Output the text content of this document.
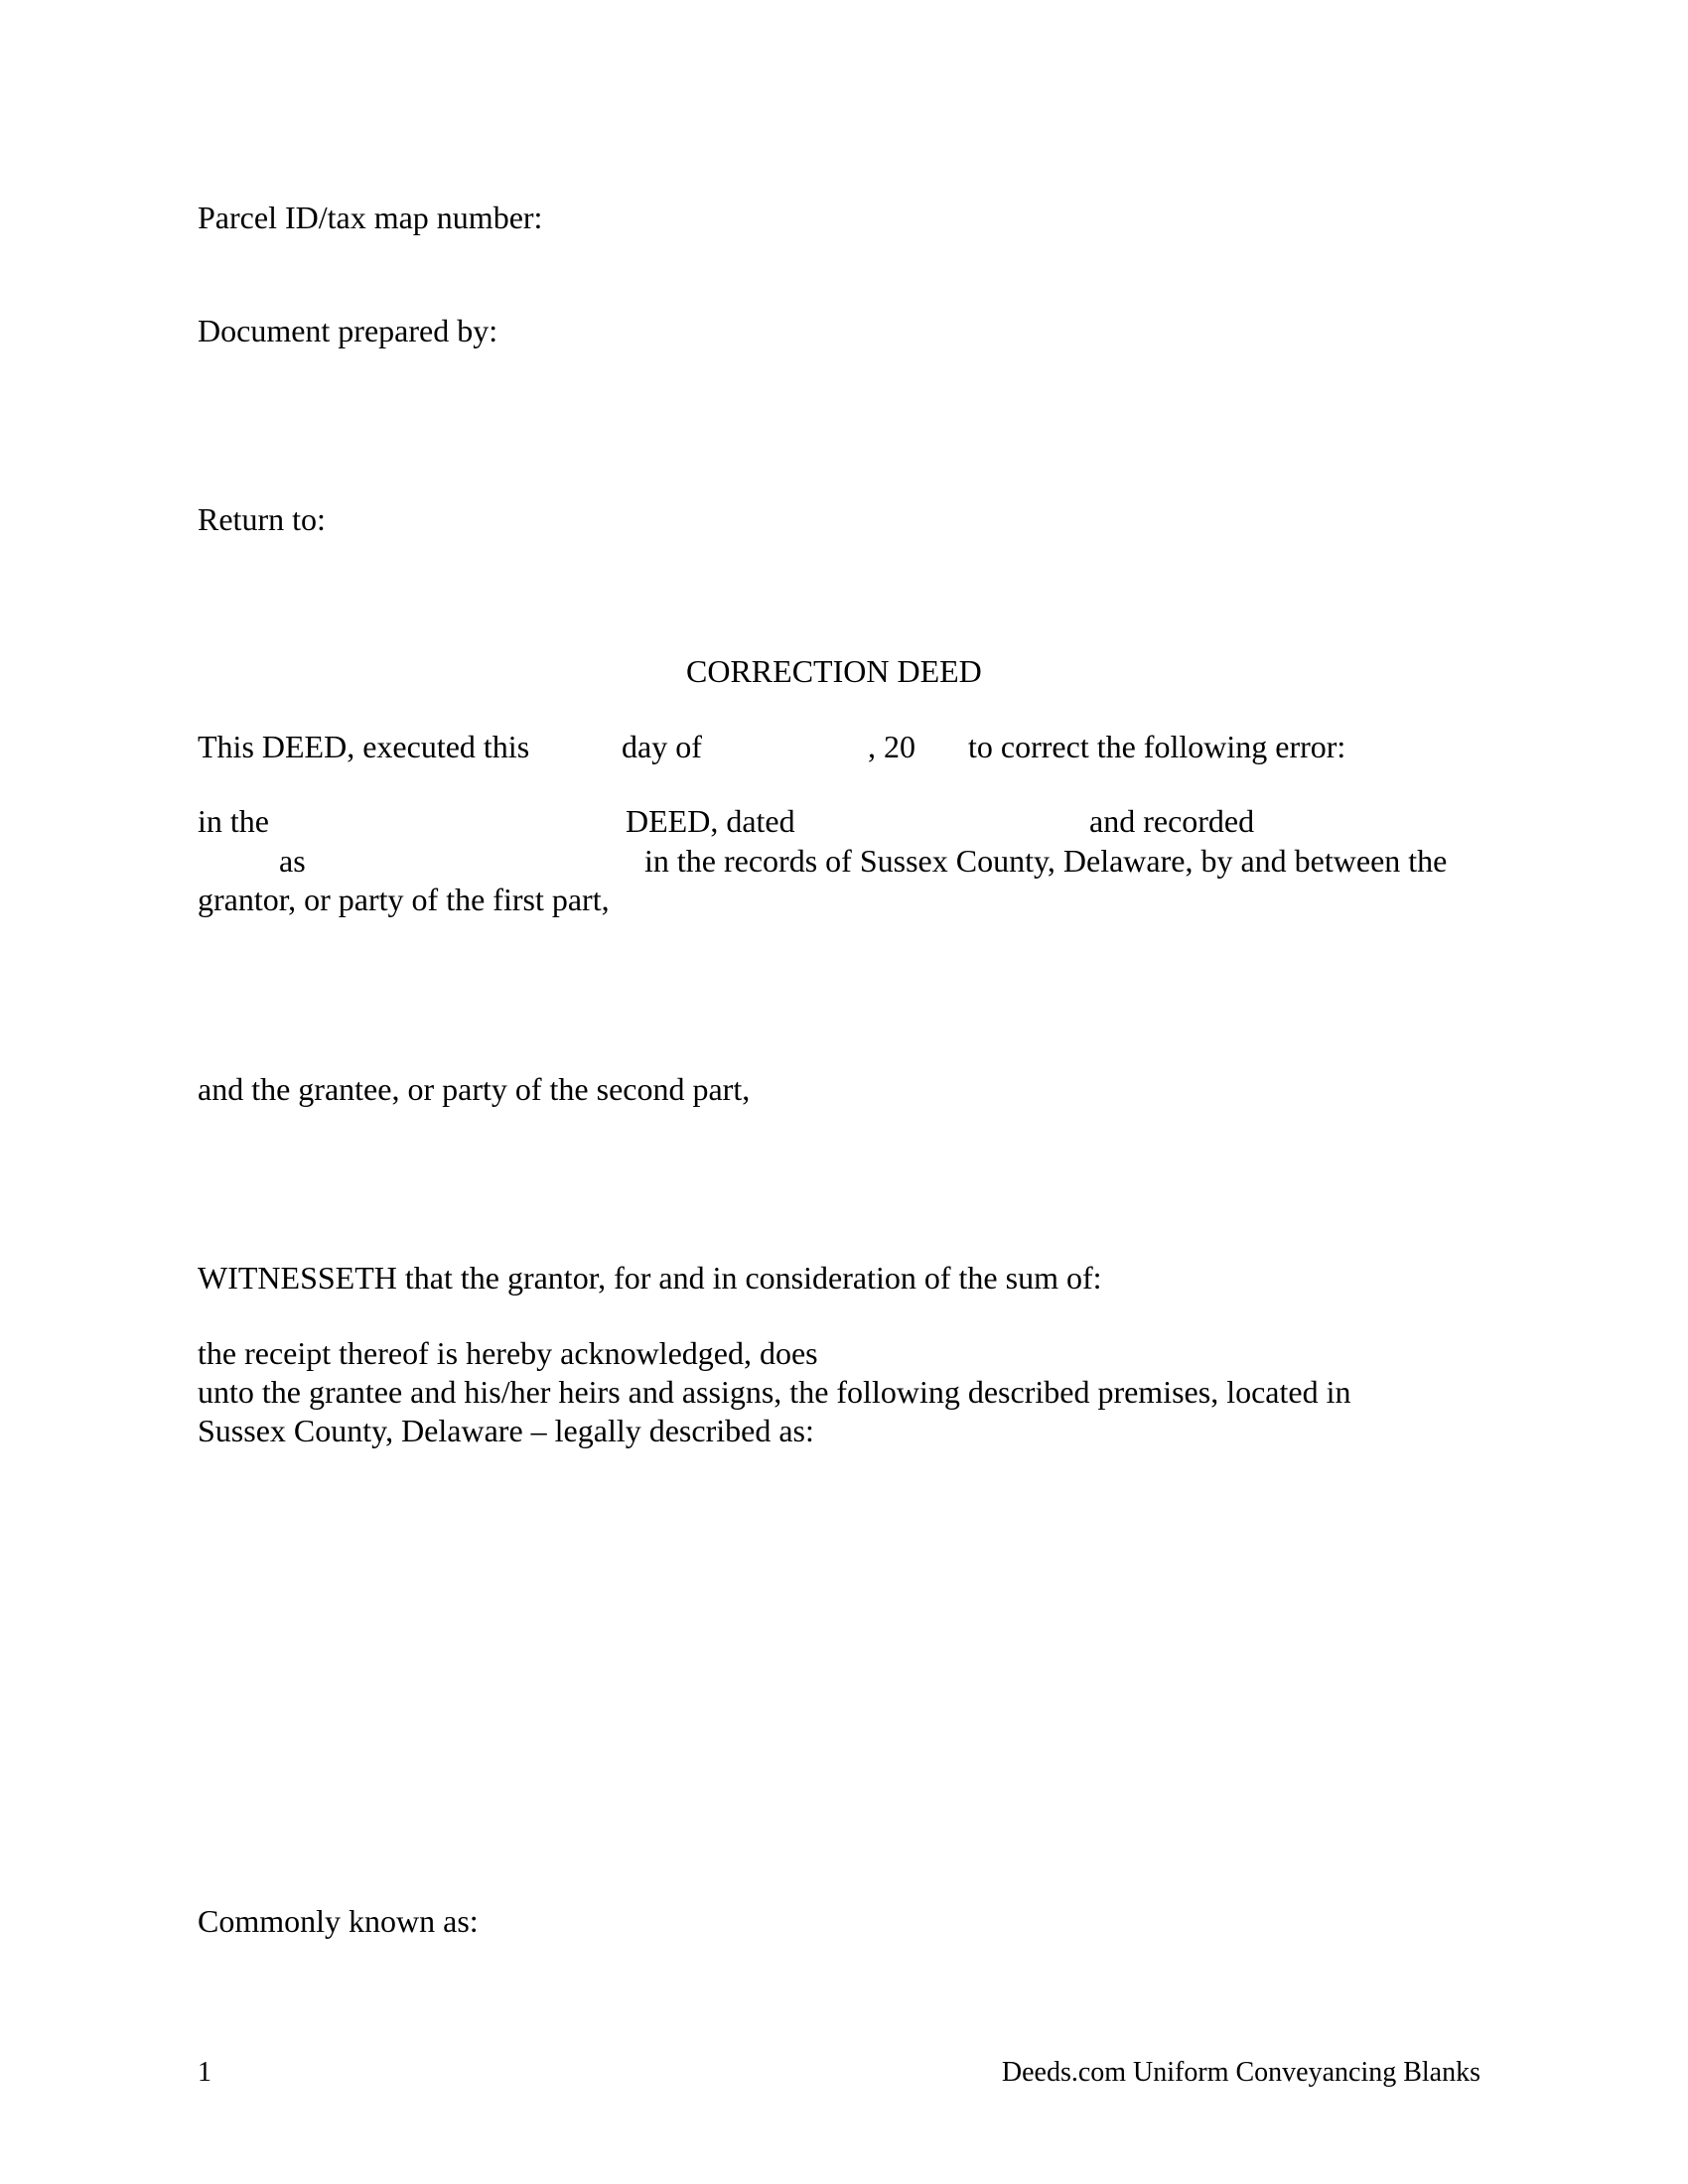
Parcel ID/tax map number:

Document prepared by:

Return to:

CORRECTION DEED

This DEED, executed this	day of	, 20 to correct the following error:

in the	DEED, dated	and recorded

as	in the records of Sussex County, Delaware, by and between the

grantor, or party of the first part,

and the grantee, or party of the second part,

WITNESSETH that the grantor, for and in consideration of the sum of:

the receipt thereof is hereby acknowledged, does

unto the grantee and his/her heirs and assigns, the following described premises, located in

Sussex County, Delaware – legally described as:

Commonly known as:

1	Deeds.com Uniform Conveyancing Blanks
